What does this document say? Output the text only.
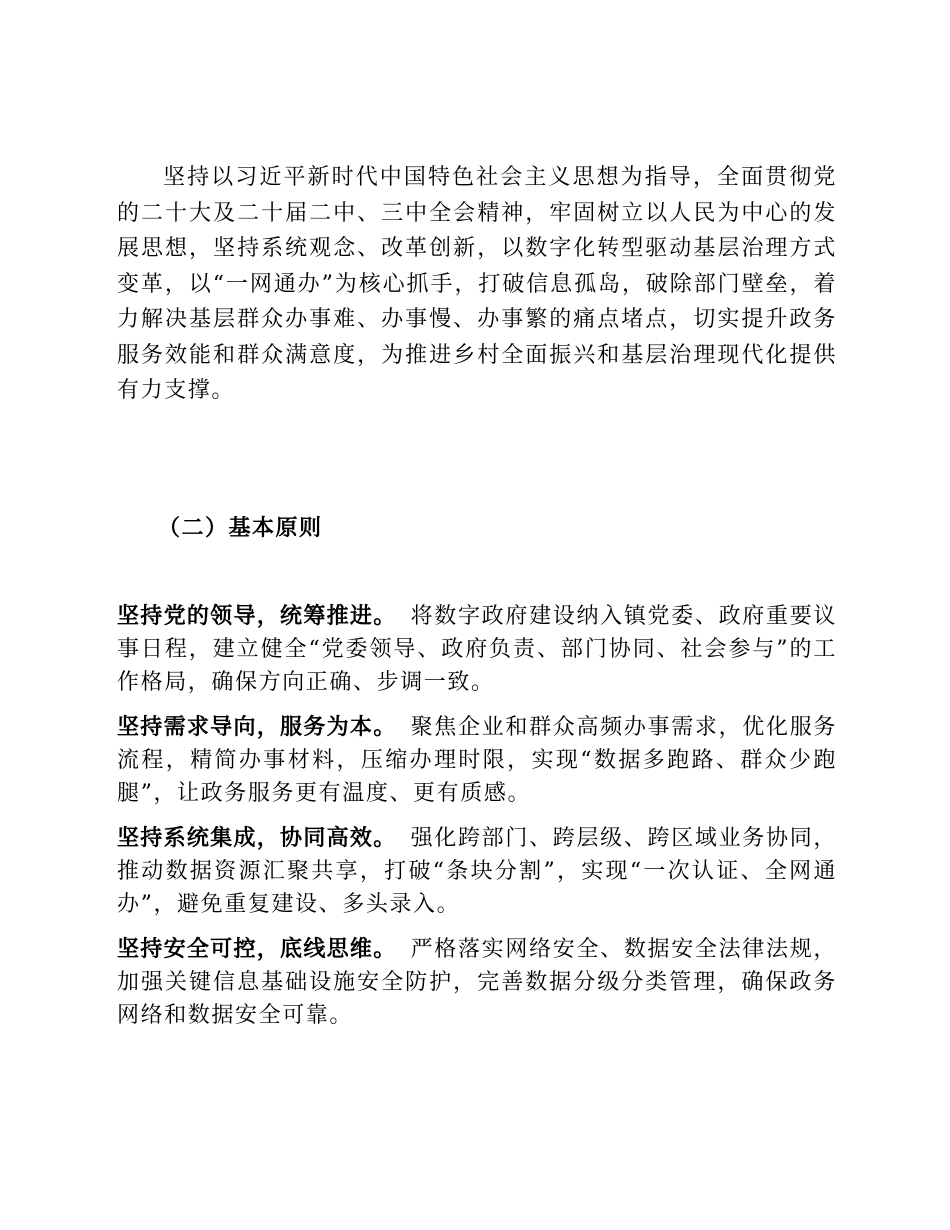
坚持以习近平新时代中国特色社会主义思想为指导，全面贯彻党的二十大及二十届二中、三中全会精神，牢固树立以人民为中心的发展思想，坚持系统观念、改革创新，以数字化转型驱动基层治理方式变革，以“一网通办”为核心抓手，打破信息孤岛，破除部门壁垒，着力解决基层群众办事难、办事慢、办事繁的痛点堵点，切实提升政务服务效能和群众满意度，为推进乡村全面振兴和基层治理现代化提供有力支撑。

（二）基本原则

坚持党的领导，统筹推进。 将数字政府建设纳入镇党委、政府重要议事日程，建立健全“党委领导、政府负责、部门协同、社会参与”的工作格局，确保方向正确、步调一致。

坚持需求导向，服务为本。 聚焦企业和群众高频办事需求，优化服务流程，精简办事材料，压缩办理时限，实现“数据多跑路、群众少跑腿”，让政务服务更有温度、更有质感。

坚持系统集成，协同高效。 强化跨部门、跨层级、跨区域业务协同，推动数据资源汇聚共享，打破“条块分割”，实现“一次认证、全网通办”，避免重复建设、多头录入。

坚持安全可控，底线思维。 严格落实网络安全、数据安全法律法规，加强关键信息基础设施安全防护，完善数据分级分类管理，确保政务网络和数据安全可靠。
